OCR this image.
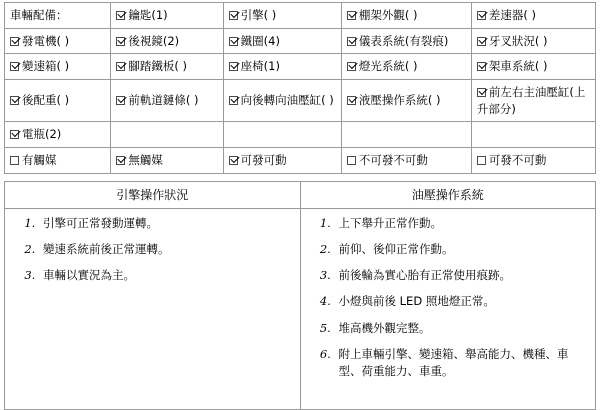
車輛配備：	鑰匙(1)	引擎( )	棚架外觀( )	差速器( )
發電機( )	後視鏡(2)	鐵圈(4)	儀表系統(有裂痕)	牙叉狀況( )
變速箱( )	腳踏鐵板( )	座椅(1)	燈光系統( )	架車系統( )
後配重( )	前軌道鏈條( )	向後轉向油壓缸( )	液壓操作系統( )	前左右主油壓缸(上升部分)
電瓶(2)				
有觸媒	無觸媒	可發可動	不可發不可動	可發不可動
引擎操作狀況	油壓操作系統

1. 引擎可正常發動運轉。
2. 變速系統前後正常運轉。
3. 車輛以實況為主。

1. 上下舉升正常作動。
2. 前仰、後仰正常作動。
3. 前後輪為實心胎有正常使用痕跡。
4. 小燈與前後 LED 照地燈正常。
5. 堆高機外觀完整。
6. 附上車輛引擎、變速箱、舉高能力、機種、車型、荷重能力、車重。
